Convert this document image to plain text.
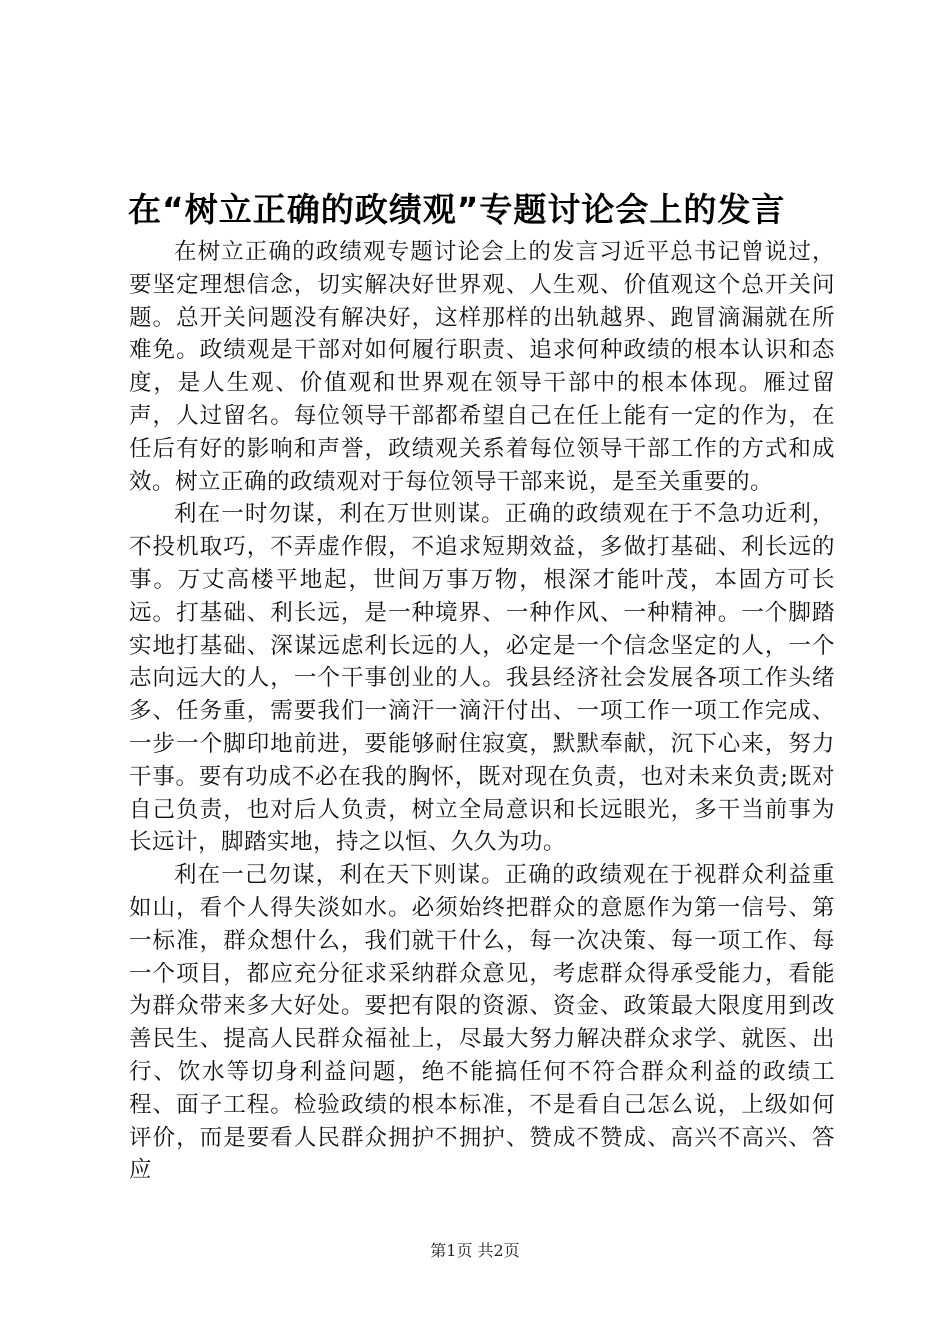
在“树立正确的政绩观”专题讨论会上的发言

在树立正确的政绩观专题讨论会上的发言习近平总书记曾说过，要坚定理想信念，切实解决好世界观、人生观、价值观这个总开关问题。总开关问题没有解决好，这样那样的出轨越界、跑冒滴漏就在所难免。政绩观是干部对如何履行职责、追求何种政绩的根本认识和态度，是人生观、价值观和世界观在领导干部中的根本体现。雁过留声，人过留名。每位领导干部都希望自己在任上能有一定的作为，在任后有好的影响和声誉，政绩观关系着每位领导干部工作的方式和成效。树立正确的政绩观对于每位领导干部来说，是至关重要的。

利在一时勿谋，利在万世则谋。正确的政绩观在于不急功近利，不投机取巧，不弄虚作假，不追求短期效益，多做打基础、利长远的事。万丈高楼平地起，世间万事万物，根深才能叶茂，本固方可长远。打基础、利长远，是一种境界、一种作风、一种精神。一个脚踏实地打基础、深谋远虑利长远的人，必定是一个信念坚定的人，一个志向远大的人，一个干事创业的人。我县经济社会发展各项工作头绪多、任务重，需要我们一滴汗一滴汗付出、一项工作一项工作完成、一步一个脚印地前进，要能够耐住寂寞，默默奉献，沉下心来，努力干事。要有功成不必在我的胸怀，既对现在负责，也对未来负责;既对自己负责，也对后人负责，树立全局意识和长远眼光，多干当前事为长远计，脚踏实地，持之以恒、久久为功。

利在一己勿谋，利在天下则谋。正确的政绩观在于视群众利益重如山，看个人得失淡如水。必须始终把群众的意愿作为第一信号、第一标准，群众想什么，我们就干什么，每一次决策、每一项工作、每一个项目，都应充分征求采纳群众意见，考虑群众得承受能力，看能为群众带来多大好处。要把有限的资源、资金、政策最大限度用到改善民生、提高人民群众福祉上，尽最大努力解决群众求学、就医、出行、饮水等切身利益问题，绝不能搞任何不符合群众利益的政绩工程、面子工程。检验政绩的根本标准，不是看自己怎么说，上级如何评价，而是要看人民群众拥护不拥护、赞成不赞成、高兴不高兴、答应

第1页 共2页
